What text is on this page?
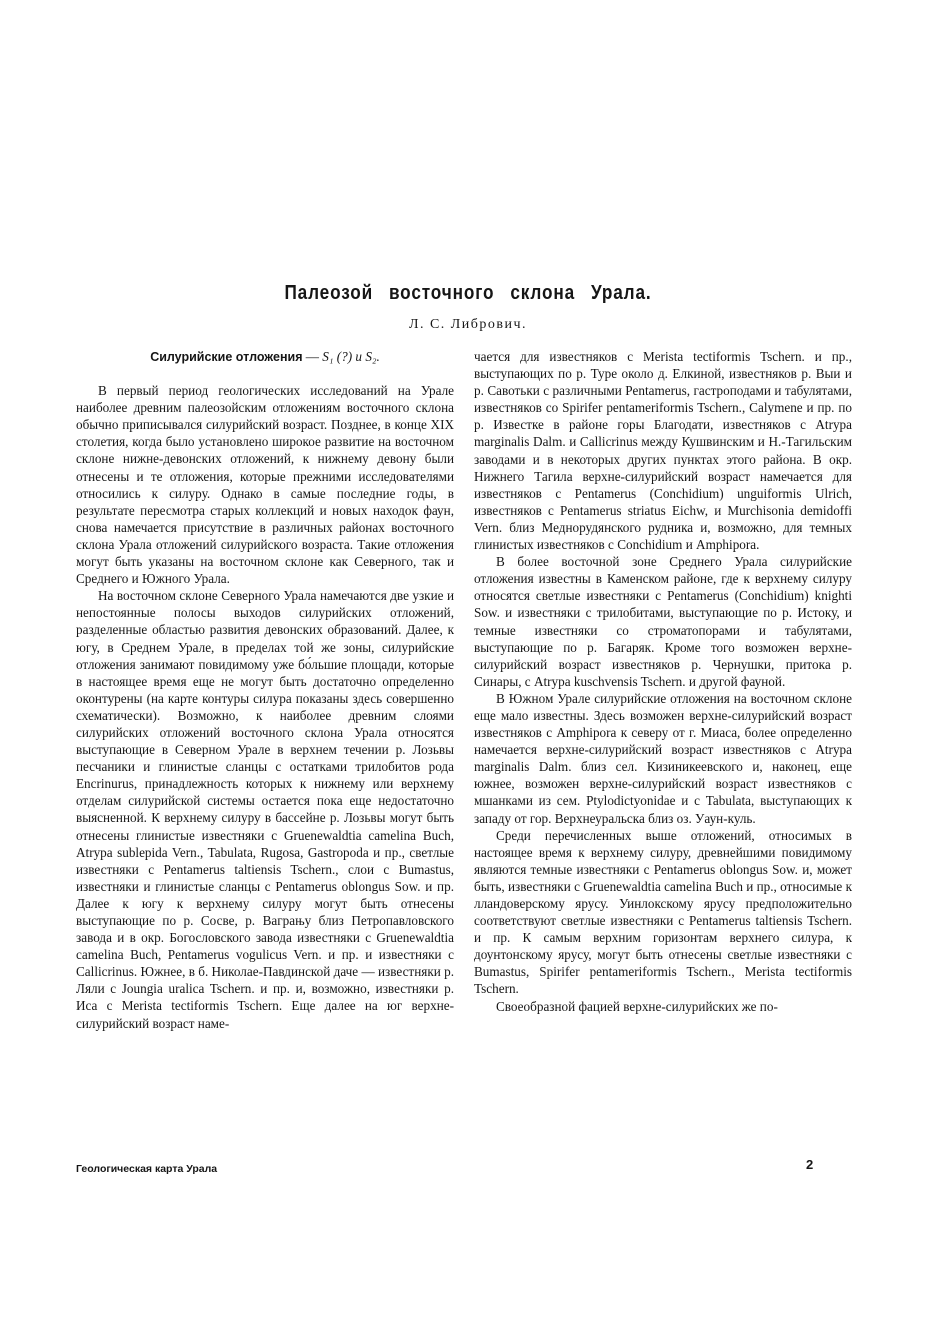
Палеозой восточного склона Урала.
Л. С. Либрович.
Силурийские отложения — S₁ (?) и S₂.

В первый период геологических исследований на Урале наиболее древним палеозойским отложениям восточного склона обычно приписывался силурийский возраст. Позднее, в конце XIX столетия, когда было установлено широкое развитие на восточном склоне нижне-девонских отложений, к нижнему девону были отнесены и те отложения, которые прежними исследователями относились к силуру. Однако в самые последние годы, в результате пересмотра старых коллекций и новых находок фаун, снова намечается присутствие в различных районах восточного склона Урала отложений силурийского возраста. Такие отложения могут быть указаны на восточном склоне как Северного, так и Среднего и Южного Урала.

На восточном склоне Северного Урала намечаются две узкие и непостоянные полосы выходов силурийских отложений, разделенные областью развития девонских образований. Далее, к югу, в Среднем Урале, в пределах той же зоны, силурийские отложения занимают повидимому уже бо́льшие площади, которые в настоящее время еще не могут быть достаточно определенно оконтурены (на карте контуры силура показаны здесь совершенно схематически). Возможно, к наиболее древним слоями силурийских отложений восточного склона Урала относятся выступающие в Северном Урале в верхнем течении р. Лозьвы песчаники и глинистые сланцы с остатками трилобитов рода Encrinurus, принадлежность которых к нижнему или верхнему отделам силурийской системы остается пока еще недостаточно выясненной. К верхнему силуру в бассейне р. Лозьвы могут быть отнесены глинистые известняки с Gruenewaldtia camelina Buch, Atrypa sublepida Vern., Tabulata, Rugosa, Gastropoda и пр., светлые известняки с Pentamerus taltiensis Tschern., слои с Bumastus, известняки и глинистые сланцы с Pentamerus oblongus Sow. и пр. Далее к югу к верхнему силуру могут быть отнесены выступающие по р. Сосве, р. Вагрању близ Петропавловского завода и в окр. Богословского завода известняки с Gruenewaldtia camelina Buch, Pentamerus vogulicus Vern. и пр. и известняки с Callicrinus. Южнее, в б. Николае-Павдинской даче — известняки р. Ляли с Joungia uralica Tschern. и пр. и, возможно, известняки р. Иса с Merista tectiformis Tschern. Еще далее на юг верхне-силурийский возраст наме-

чается для известняков с Merista tectiformis Tschern. и пр., выступающих по р. Туре около д. Елкиной, известняков р. Выи и р. Савотьки с различными Pentamerus, гастроподами и табулятами, известняков со Spirifer pentameriformis Tschern., Calymene и пр. по р. Известке в районе горы Благодати, известняков с Atrypa marginalis Dalm. и Callicrinus между Кушвинским и Н.-Тагильским заводами и в некоторых других пунктах этого района. В окр. Нижнего Тагила верхне-силурийский возраст намечается для известняков с Pentamerus (Conchidium) unguiformis Ulrich, известняков с Pentamerus striatus Eichw, и Murchisonia demidoffi Vern. близ Меднорудянского рудника и, возможно, для темных глинистых известняков с Conchidium и Amphipora.

В более восточной зоне Среднего Урала силурийские отложения известны в Каменском районе, где к верхнему силуру относятся светлые известняки с Pentamerus (Conchidium) knighti Sow. и известняки с трилобитами, выступающие по р. Истоку, и темные известняки со строматопорами и табулятами, выступающие по р. Багаряк. Кроме того возможен верхне-силурийский возраст известняков р. Чернушки, притока р. Синары, с Atrypa kuschvensis Tschern. и другой фауной.

В Южном Урале силурийские отложения на восточном склоне еще мало известны. Здесь возможен верхне-силурийский возраст известняков с Amphipora к северу от г. Миаса, более определенно намечается верхне-силурийский возраст известняков с Atrypa marginalis Dalm. близ сел. Кизиникеевского и, наконец, еще южнее, возможен верхне-силурийский возраст известняков с мшанками из сем. Ptylodictyonidae и с Tabulata, выступающих к западу от гор. Верхнеуральска близ оз. Уаун-куль.

Среди перечисленных выше отложений, относимых в настоящее время к верхнему силуру, древнейшими повидимому являются темные известняки с Pentamerus oblongus Sow. и, может быть, известняки с Gruenewaldtia camelina Buch и пр., относимые к лландоверскому ярусу. Уинлокскому ярусу предположительно соответствуют светлые известняки с Pentamerus taltiensis Tschern. и пр. К самым верхним горизонтам верхнего силура, к доунтонскому ярусу, могут быть отнесены светлые известняки с Bumastus, Spirifer pentameriformis Tschern., Merista tectiformis Tschern.

Своеобразной фацией верхне-силурийских же по-

Геологическая карта Урала	2
